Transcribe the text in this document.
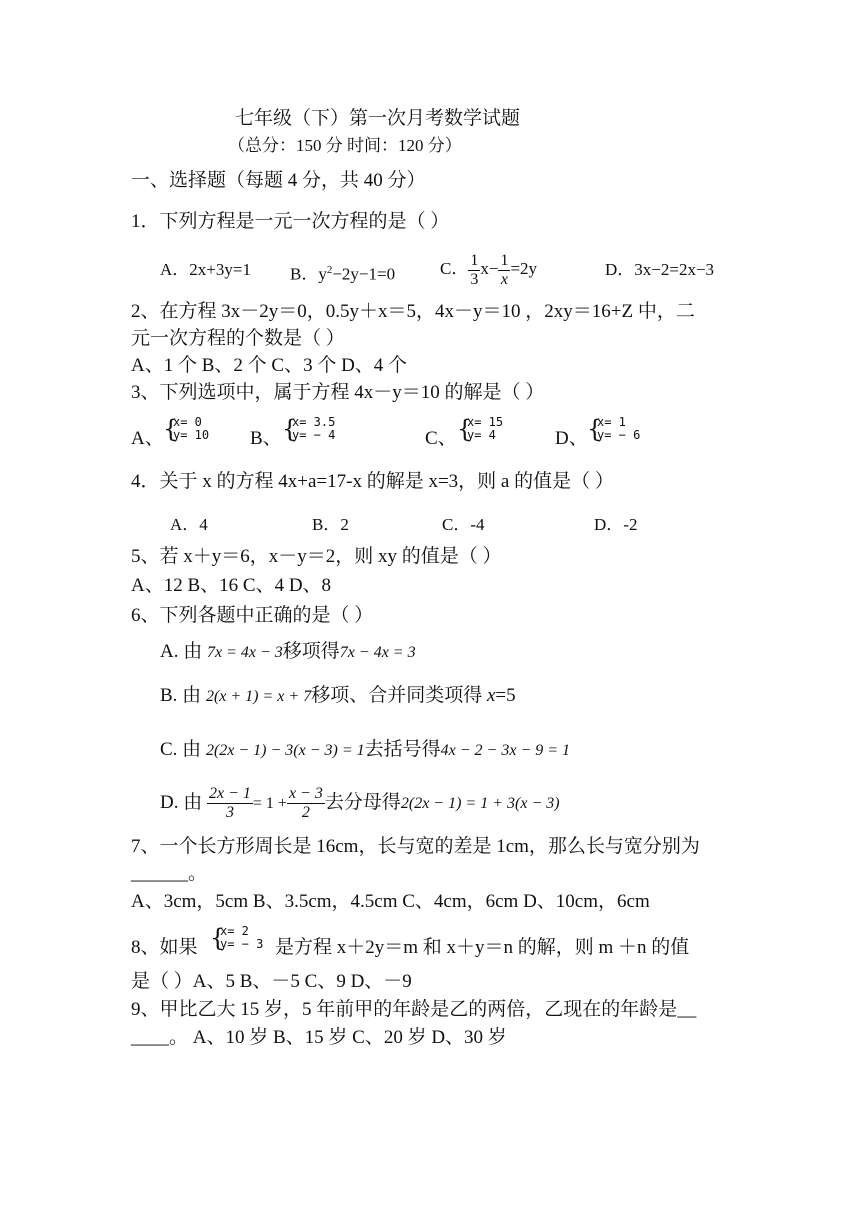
七年级（下）第一次月考数学试题
（总分：150 分 时间：120 分）
一、选择题（每题 4 分，共 40 分）
1．下列方程是一元一次方程的是（ ）
A．2x+3y=1 B．$y^2-2y-1=0$	C． $\frac{1}{3} x- \frac{1}{x} =2y$	D．3x−2=2x−3
2、在方程 3x－2y＝0，0.5y＋x＝5，4x－y＝10 ，2xy＝16+Z 中，二
元一次方程的个数是（ ）
A、1 个 B、2 个 C、3 个 D、4 个
3、下列选项中，属于方程 4x－y＝10 的解是（ ）
A、 {
x= 0
y= 10 B、 {
x= 3.5
y= − 4	C、 {
x= 15
y= 4	D、 {
x= 1
y= − 6
4．关于 x 的方程 4x+a=17-x 的解是 x=3，则 a 的值是（ ）
A．4	B．2	C．-4	D．-2
5、若 x＋y＝6，x－y＝2，则 xy 的值是（ ）
A、12 B、16 C、4 D、8
6、下列各题中正确的是（ ）
A. 由 7x = 4x − 3移项得7x − 4x = 3
B. 由 2(x + 1) = x + 7移项、合并同类项得 x=5
C. 由 2(2x − 1) − 3(x − 3) = 1去括号得4x − 2 − 3x − 9 = 1
D. 由 $\frac{2x - 1}{3} = 1 + \frac{x - 3}{2}$ 去分母得2(2x − 1) = 1 + 3(x − 3)
7、一个长方形周长是 16cm，长与宽的差是 1cm，那么长与宽分别为
______。
A、3cm，5cm B、3.5cm，4.5cm C、4cm，6cm D、10cm，6cm
8、如果 {
x= 2
y= − 3 是方程 x＋2y＝m 和 x＋y＝n 的解，则 m ＋n 的值
是（ ）A、5 B、－5 C、9 D、－9
9、甲比乙大 15 岁，5 年前甲的年龄是乙的两倍，乙现在的年龄是__
____。 A、10 岁 B、15 岁 C、20 岁 D、30 岁
